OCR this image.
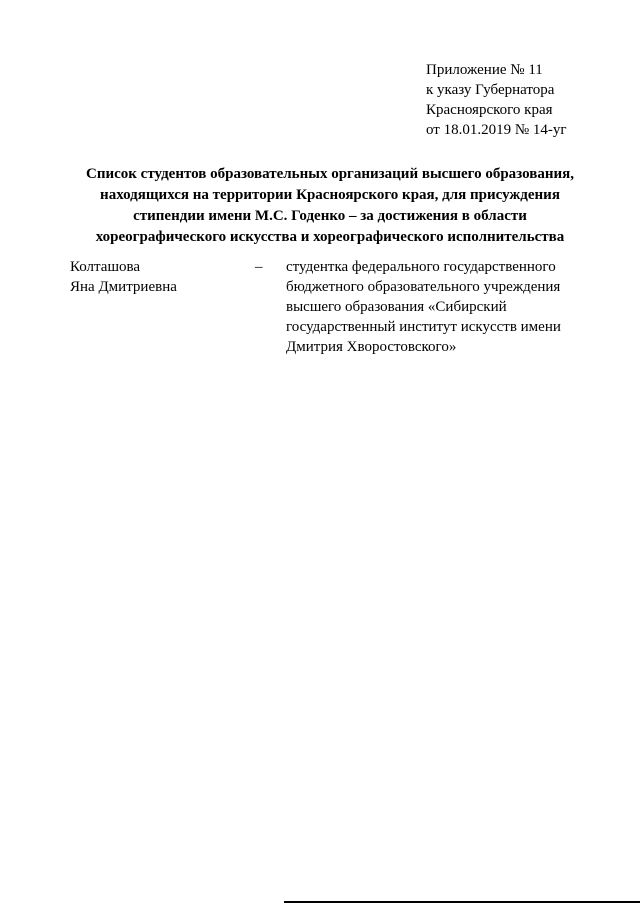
Приложение № 11
к указу Губернатора
Красноярского края
от 18.01.2019 № 14-уг
Список студентов образовательных организаций высшего образования,
находящихся на территории Красноярского края, для присуждения
стипендии имени М.С. Годенко – за достижения в области
хореографического искусства и хореографического исполнительства
Колташова
Яна Дмитриевна
– студентка федерального государственного
бюджетного образовательного учреждения
высшего образования «Сибирский
государственный институт искусств имени
Дмитрия Хворостовского»
